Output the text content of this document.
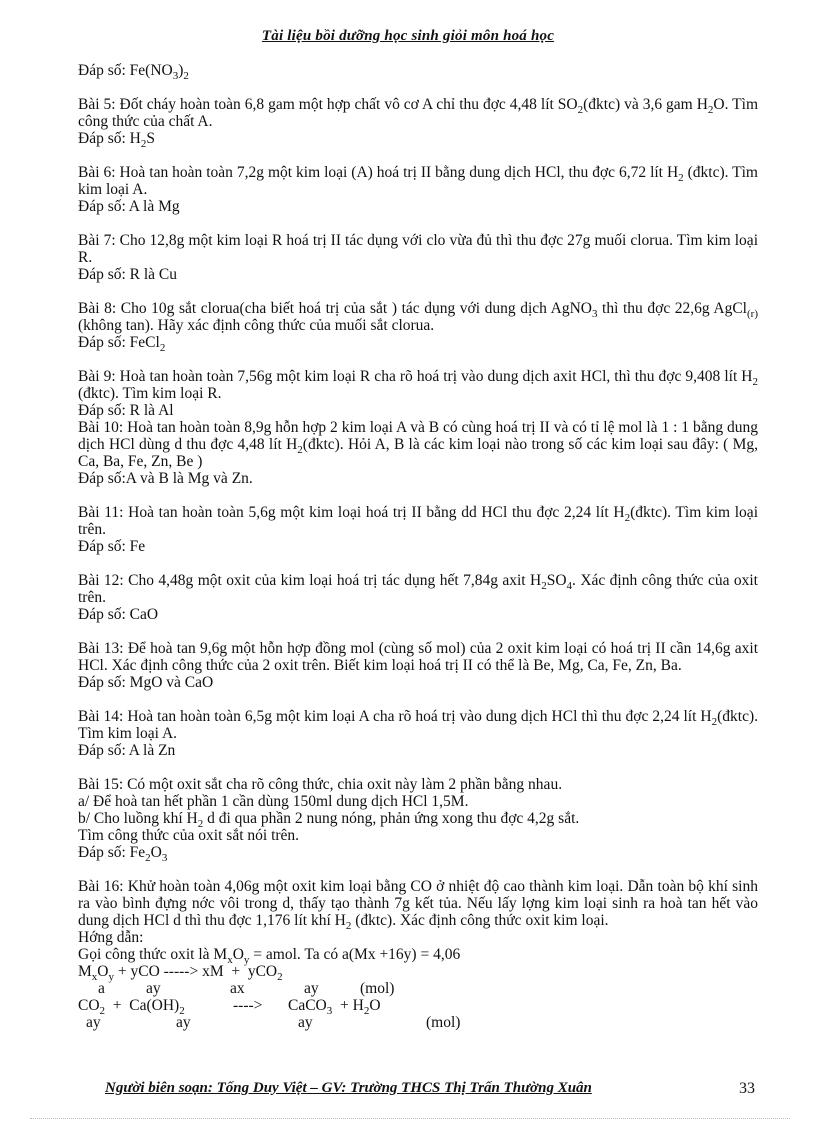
Tài liệu bồi dưỡng học sinh giỏi môn hoá học

Đáp số: $Fe(NO_3)_2$

Bài 5: Đốt cháy hoàn toàn 6,8 gam một hợp chất vô cơ A chỉ thu đợc 4,48 lít $SO_2(đktc)$ và 3,6 gam $H_2O$. Tìm công thức của chất A.

Đáp số: $H_2S$

Bài 6: Hoà tan hoàn toàn 7,2g một kim loại (A) hoá trị II bằng dung dịch HCl, thu đợc 6,72 lít $H_2$ (đktc). Tìm kim loại A.

Đáp số: A là Mg

Bài 7: Cho 12,8g một kim loại R hoá trị II tác dụng với clo vừa đủ thì thu đợc 27g muối clorua. Tìm kim loại R.

Đáp số: R là Cu

Bài 8: Cho 10g sắt clorua(cha biết hoá trị của sắt ) tác dụng với dung dịch AgNO$_3$ thì thu đợc 22,6g AgCl$_{(r)}$ (không tan). Hãy xác định công thức của muối sắt clorua.

Đáp số: FeCl$_2$

Bài 9: Hoà tan hoàn toàn 7,56g một kim loại R cha rõ hoá trị vào dung dịch axit HCl, thì thu đợc 9,408 lít $H_2$ (đktc). Tìm kim loại R.

Đáp số: R là Al

Bài 10: Hoà tan hoàn toàn 8,9g hỗn hợp 2 kim loại A và B có cùng hoá trị II và có tỉ lệ mol là 1 : 1 bằng dung dịch HCl dùng d thu đợc 4,48 lít $H_2(đktc)$. Hỏi A, B là các kim loại nào trong số các kim loại sau đây: ( Mg, Ca, Ba, Fe, Zn, Be )

Đáp số:A và B là Mg và Zn.

Bài 11: Hoà tan hoàn toàn 5,6g một kim loại hoá trị II bằng dd HCl thu đợc 2,24 lít $H_2(đktc)$. Tìm kim loại trên.

Đáp số: Fe

Bài 12: Cho 4,48g một oxit của kim loại hoá trị tác dụng hết 7,84g axit $H_2SO_4$. Xác định công thức của oxit trên.

Đáp số: CaO

Bài 13: Để hoà tan 9,6g một hỗn hợp đồng mol (cùng số mol) của 2 oxit kim loại có hoá trị II cần 14,6g axit HCl. Xác định công thức của 2 oxit trên. Biết kim loại hoá trị II có thể là Be, Mg, Ca, Fe, Zn, Ba.

Đáp số: MgO và CaO

Bài 14: Hoà tan hoàn toàn 6,5g một kim loại A cha rõ hoá trị vào dung dịch HCl thì thu đợc 2,24 lít $H_2(đktc)$. Tìm kim loại A.

Đáp số: A là Zn

Bài 15: Có một oxit sắt cha rõ công thức, chia oxit này làm 2 phần bằng nhau.

a/ Để hoà tan hết phần 1 cần dùng 150ml dung dịch HCl 1,5M.

b/ Cho luồng khí $H_2$ d đi qua phần 2 nung nóng, phản ứng xong thu đợc 4,2g sắt.

Tìm công thức của oxit sắt nói trên.

Đáp số: $Fe_2O_3$

Bài 16: Khử hoàn toàn 4,06g một oxit kim loại bằng CO ở nhiệt độ cao thành kim loại. Dẫn toàn bộ khí sinh ra vào bình đựng nớc vôi trong d, thấy tạo thành 7g kết tủa. Nếu lấy lợng kim loại sinh ra hoà tan hết vào dung dịch HCl d thì thu đợc 1,176 lít khí $H_2$ (đktc). Xác định công thức oxit kim loại.

Hớng dẫn:

Gọi công thức oxit là $M_xO_y$ = amol. Ta có a(Mx +16y) = 4,06

$M_xO_y$ + yCO -----> xM  +  yCO$_2$
a	ay	ax	ay	(mol)
$CO_2 + Ca(OH)_2$	----> CaCO$_3$  + $H_2O$
ay	ay	ay	(mol)
Người biên soạn: Tống Duy Việt – GV: Trường THCS Thị Trấn Thường Xuân	33
